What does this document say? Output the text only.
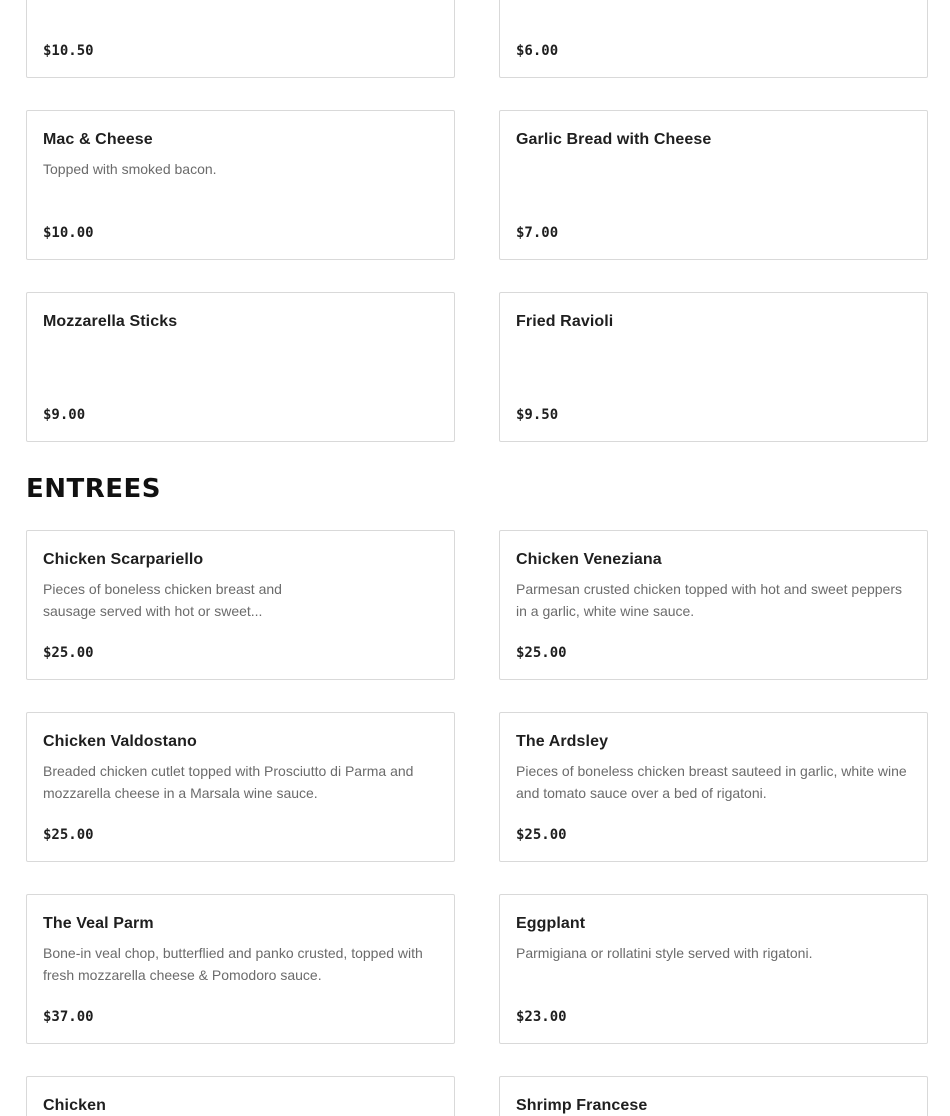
$10.50	$6.00
Mac & Cheese
Topped with smoked bacon.
$10.00
Garlic Bread with Cheese
$7.00
Mozzarella Sticks
$9.00
Fried Ravioli
$9.50
ENTREES
Chicken Scarpariello
Pieces of boneless chicken breast and sausage served with hot or sweet...
$25.00
Chicken Veneziana
Parmesan crusted chicken topped with hot and sweet peppers in a garlic, white wine sauce.
$25.00
Chicken Valdostano
Breaded chicken cutlet topped with Prosciutto di Parma and mozzarella cheese in a Marsala wine sauce.
$25.00
The Ardsley
Pieces of boneless chicken breast sauteed in garlic, white wine and tomato sauce over a bed of rigatoni.
$25.00
The Veal Parm
Bone-in veal chop, butterflied and panko crusted, topped with fresh mozzarella cheese & Pomodoro sauce.
$37.00
Eggplant
Parmigiana or rollatini style served with rigatoni.
$23.00
Chicken	Shrimp Francese
